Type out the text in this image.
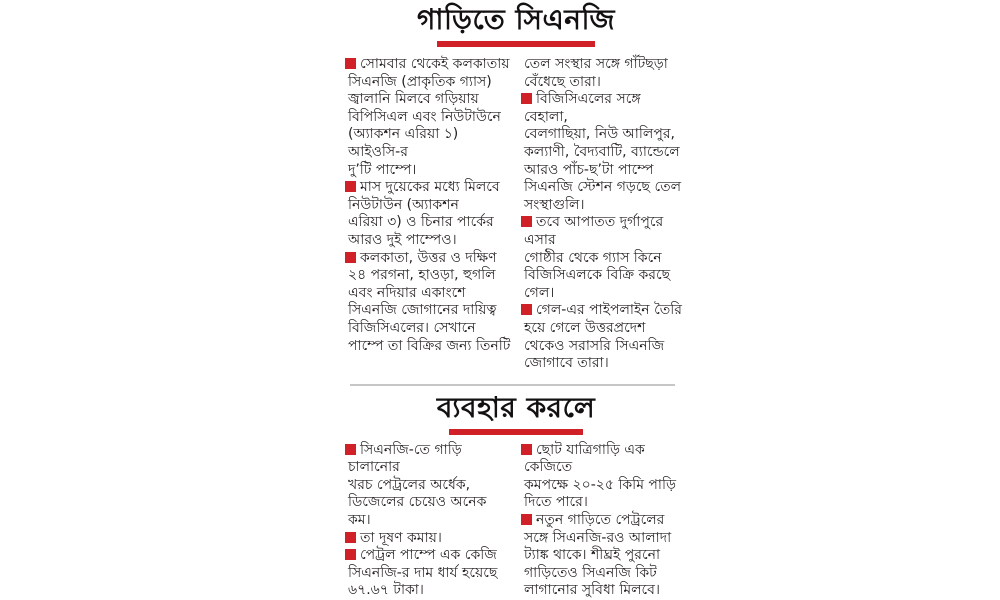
গাড়িতে সিএনজি
সোমবার থেকেই কলকাতায়
সিএনজি (প্রাকৃতিক গ্যাস)
জ্বালানি মিলবে গড়িয়ায়
বিপিসিএল এবং নিউটাউনে
(অ্যাকশন এরিয়া ১)
আইওসি-র
দু’টি পাম্পে।
মাস দুয়েকের মধ্যে মিলবে
নিউটাউন (অ্যাকশন
এরিয়া ৩) ও চিনার পার্কের
আরও দুই পাম্পেও।
কলকাতা, উত্তর ও দক্ষিণ
২৪ পরগনা, হাওড়া, হুগলি
এবং নদিয়ার একাংশে
সিএনজি জোগানের দায়িত্ব
বিজিসিএলের। সেখানে
পাম্পে তা বিক্রির জন্য তিনটি
তেল সংস্থার সঙ্গে গাঁটছড়া
বেঁধেছে তারা।
বিজিসিএলের সঙ্গে বেহালা,
বেলগাছিয়া, নিউ আলিপুর,
কল্যাণী, বৈদ্যবাটি, ব্যান্ডেলে
আরও পাঁচ-ছ’টা পাম্পে
সিএনজি স্টেশন গড়ছে তেল
সংস্থাগুলি।
তবে আপাতত দুর্গাপুরে এসার
গোষ্ঠীর থেকে গ্যাস কিনে
বিজিসিএলকে বিক্রি করছে
গেল।
গেল-এর পাইপলাইন তৈরি
হয়ে গেলে উত্তরপ্রদেশ
থেকেও সরাসরি সিএনজি
জোগাবে তারা।
ব্যবহার করলে
সিএনজি-তে গাড়ি চালানোর
খরচ পেট্রলের অর্ধেক,
ডিজেলের চেয়েও অনেক
কম।
তা দূষণ কমায়।
পেট্রল পাম্পে এক কেজি
সিএনজি-র দাম ধার্য হয়েছে
৬৭.৬৭ টাকা।
ছোট যাত্রিগাড়ি এক কেজিতে
কমপক্ষে ২০-২৫ কিমি পাড়ি
দিতে পারে।
নতুন গাড়িতে পেট্রলের
সঙ্গে সিএনজি-রও আলাদা
ট্যাঙ্ক থাকে। শীঘ্রই পুরনো
গাড়িতেও সিএনজি কিট
লাগানোর সুবিধা মিলবে।
